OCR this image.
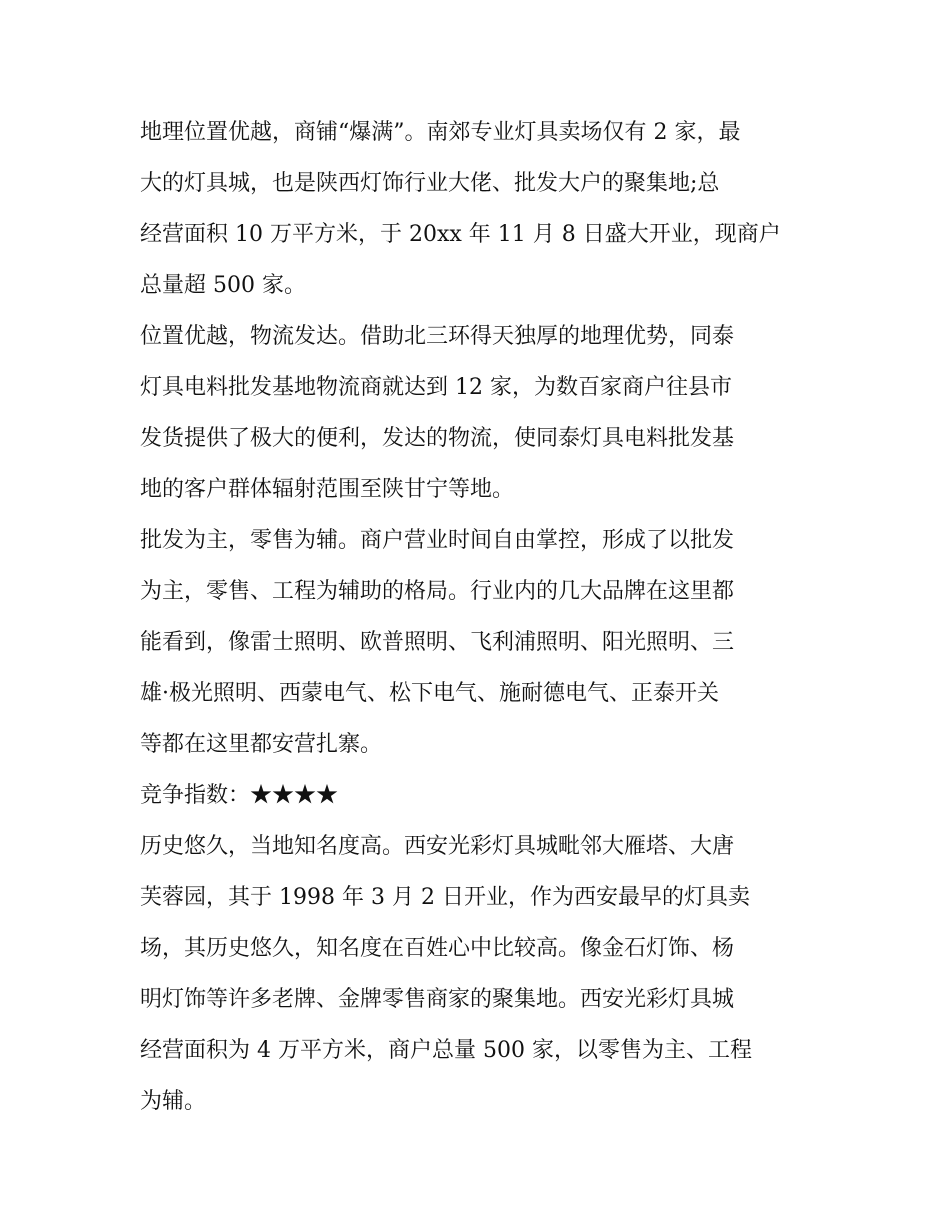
地理位置优越，商铺“爆满”。南郊专业灯具卖场仅有 2 家，最
大的灯具城，也是陕西灯饰行业大佬、批发大户的聚集地;总
经营面积 10 万平方米，于 20xx 年 11 月 8 日盛大开业，现商户
总量超 500 家。
位置优越，物流发达。借助北三环得天独厚的地理优势，同泰
灯具电料批发基地物流商就达到 12 家，为数百家商户往县市
发货提供了极大的便利，发达的物流，使同泰灯具电料批发基
地的客户群体辐射范围至陕甘宁等地。
批发为主，零售为辅。商户营业时间自由掌控，形成了以批发
为主，零售、工程为辅助的格局。行业内的几大品牌在这里都
能看到，像雷士照明、欧普照明、飞利浦照明、阳光照明、三
雄·极光照明、西蒙电气、松下电气、施耐德电气、正泰开关
等都在这里都安营扎寨。
竞争指数：★★★★
历史悠久，当地知名度高。西安光彩灯具城毗邻大雁塔、大唐
芙蓉园，其于 1998 年 3 月 2 日开业，作为西安最早的灯具卖
场，其历史悠久，知名度在百姓心中比较高。像金石灯饰、杨
明灯饰等许多老牌、金牌零售商家的聚集地。西安光彩灯具城
经营面积为 4 万平方米，商户总量 500 家，以零售为主、工程
为辅。
